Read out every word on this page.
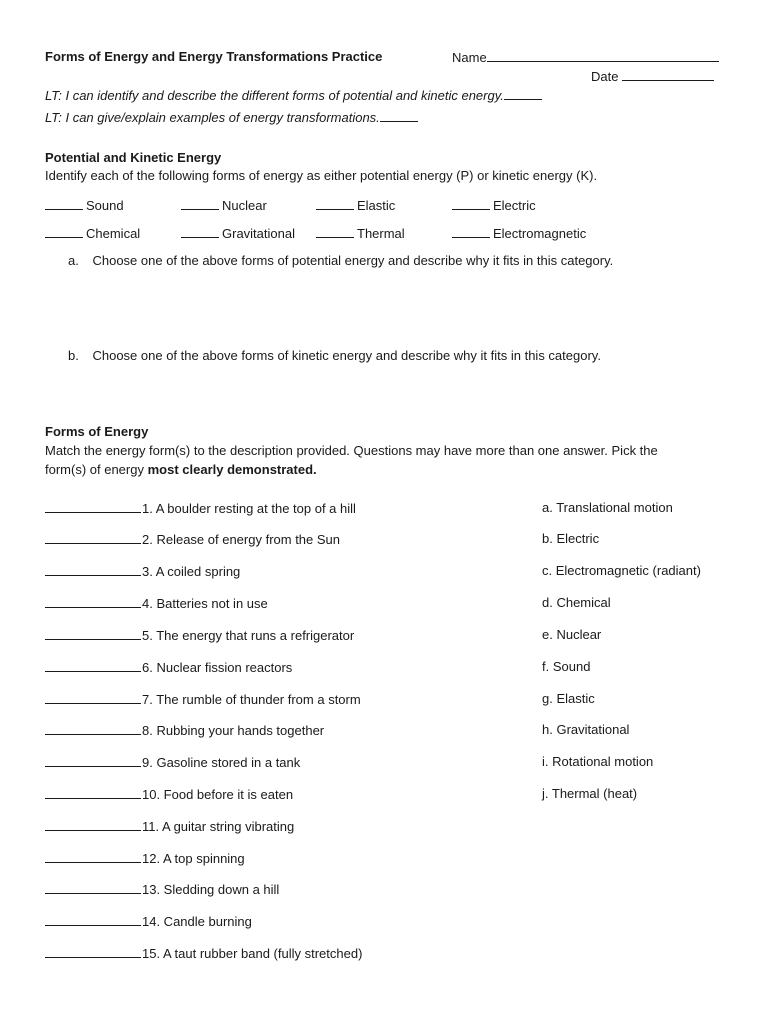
Forms of Energy and Energy Transformations Practice	Name
Date
LT: I can identify and describe the different forms of potential and kinetic energy.
LT: I can give/explain examples of energy transformations.
Potential and Kinetic Energy
Identify each of the following forms of energy as either potential energy (P) or kinetic energy (K).
Sound	Nuclear	Elastic	Electric
Chemical	Gravitational	Thermal	Electromagnetic
a. Choose one of the above forms of potential energy and describe why it fits in this category.
b. Choose one of the above forms of kinetic energy and describe why it fits in this category.
Forms of Energy
Match the energy form(s) to the description provided. Questions may have more than one answer. Pick the
form(s) of energy most clearly demonstrated.
1. A boulder resting at the top of a hill
2. Release of energy from the Sun
3. A coiled spring
4. Batteries not in use
5. The energy that runs a refrigerator
6. Nuclear fission reactors
7. The rumble of thunder from a storm
8. Rubbing your hands together
9. Gasoline stored in a tank
10. Food before it is eaten
11. A guitar string vibrating
12. A top spinning
13. Sledding down a hill
14. Candle burning
15. A taut rubber band (fully stretched)
a. Translational motion
b. Electric
c. Electromagnetic (radiant)
d. Chemical
e. Nuclear
f. Sound
g. Elastic
h. Gravitational
i. Rotational motion
j. Thermal (heat)
